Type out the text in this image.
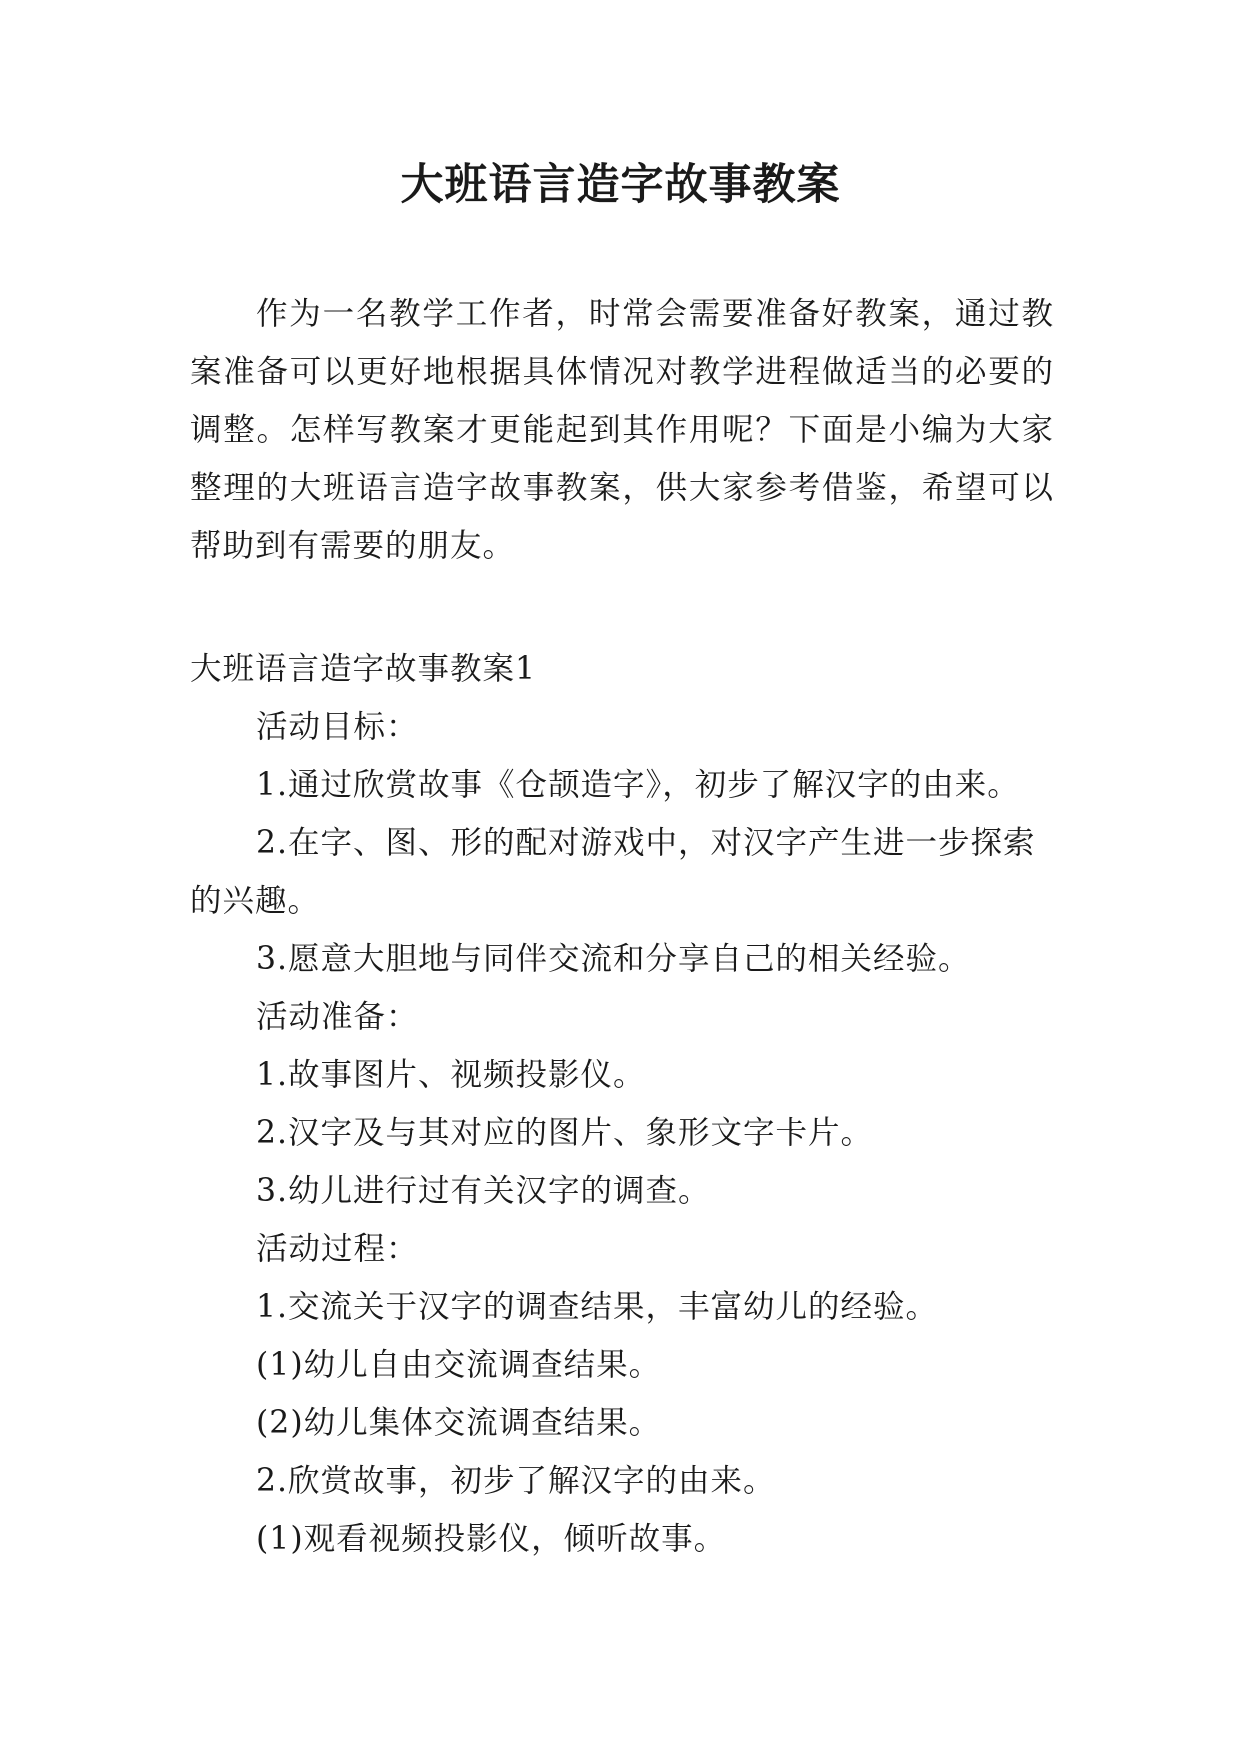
大班语言造字故事教案

作为一名教学工作者，时常会需要准备好教案，通过教案准备可以更好地根据具体情况对教学进程做适当的必要的调整。怎样写教案才更能起到其作用呢？下面是小编为大家整理的大班语言造字故事教案，供大家参考借鉴，希望可以帮助到有需要的朋友。

大班语言造字故事教案1

活动目标：

1.通过欣赏故事《仓颉造字》，初步了解汉字的由来。

2.在字、图、形的配对游戏中，对汉字产生进一步探索的兴趣。

3.愿意大胆地与同伴交流和分享自己的相关经验。

活动准备：

1.故事图片、视频投影仪。

2.汉字及与其对应的图片、象形文字卡片。

3.幼儿进行过有关汉字的调查。

活动过程：

1.交流关于汉字的调查结果，丰富幼儿的经验。

(1)幼儿自由交流调查结果。

(2)幼儿集体交流调查结果。

2.欣赏故事，初步了解汉字的由来。

(1)观看视频投影仪，倾听故事。
